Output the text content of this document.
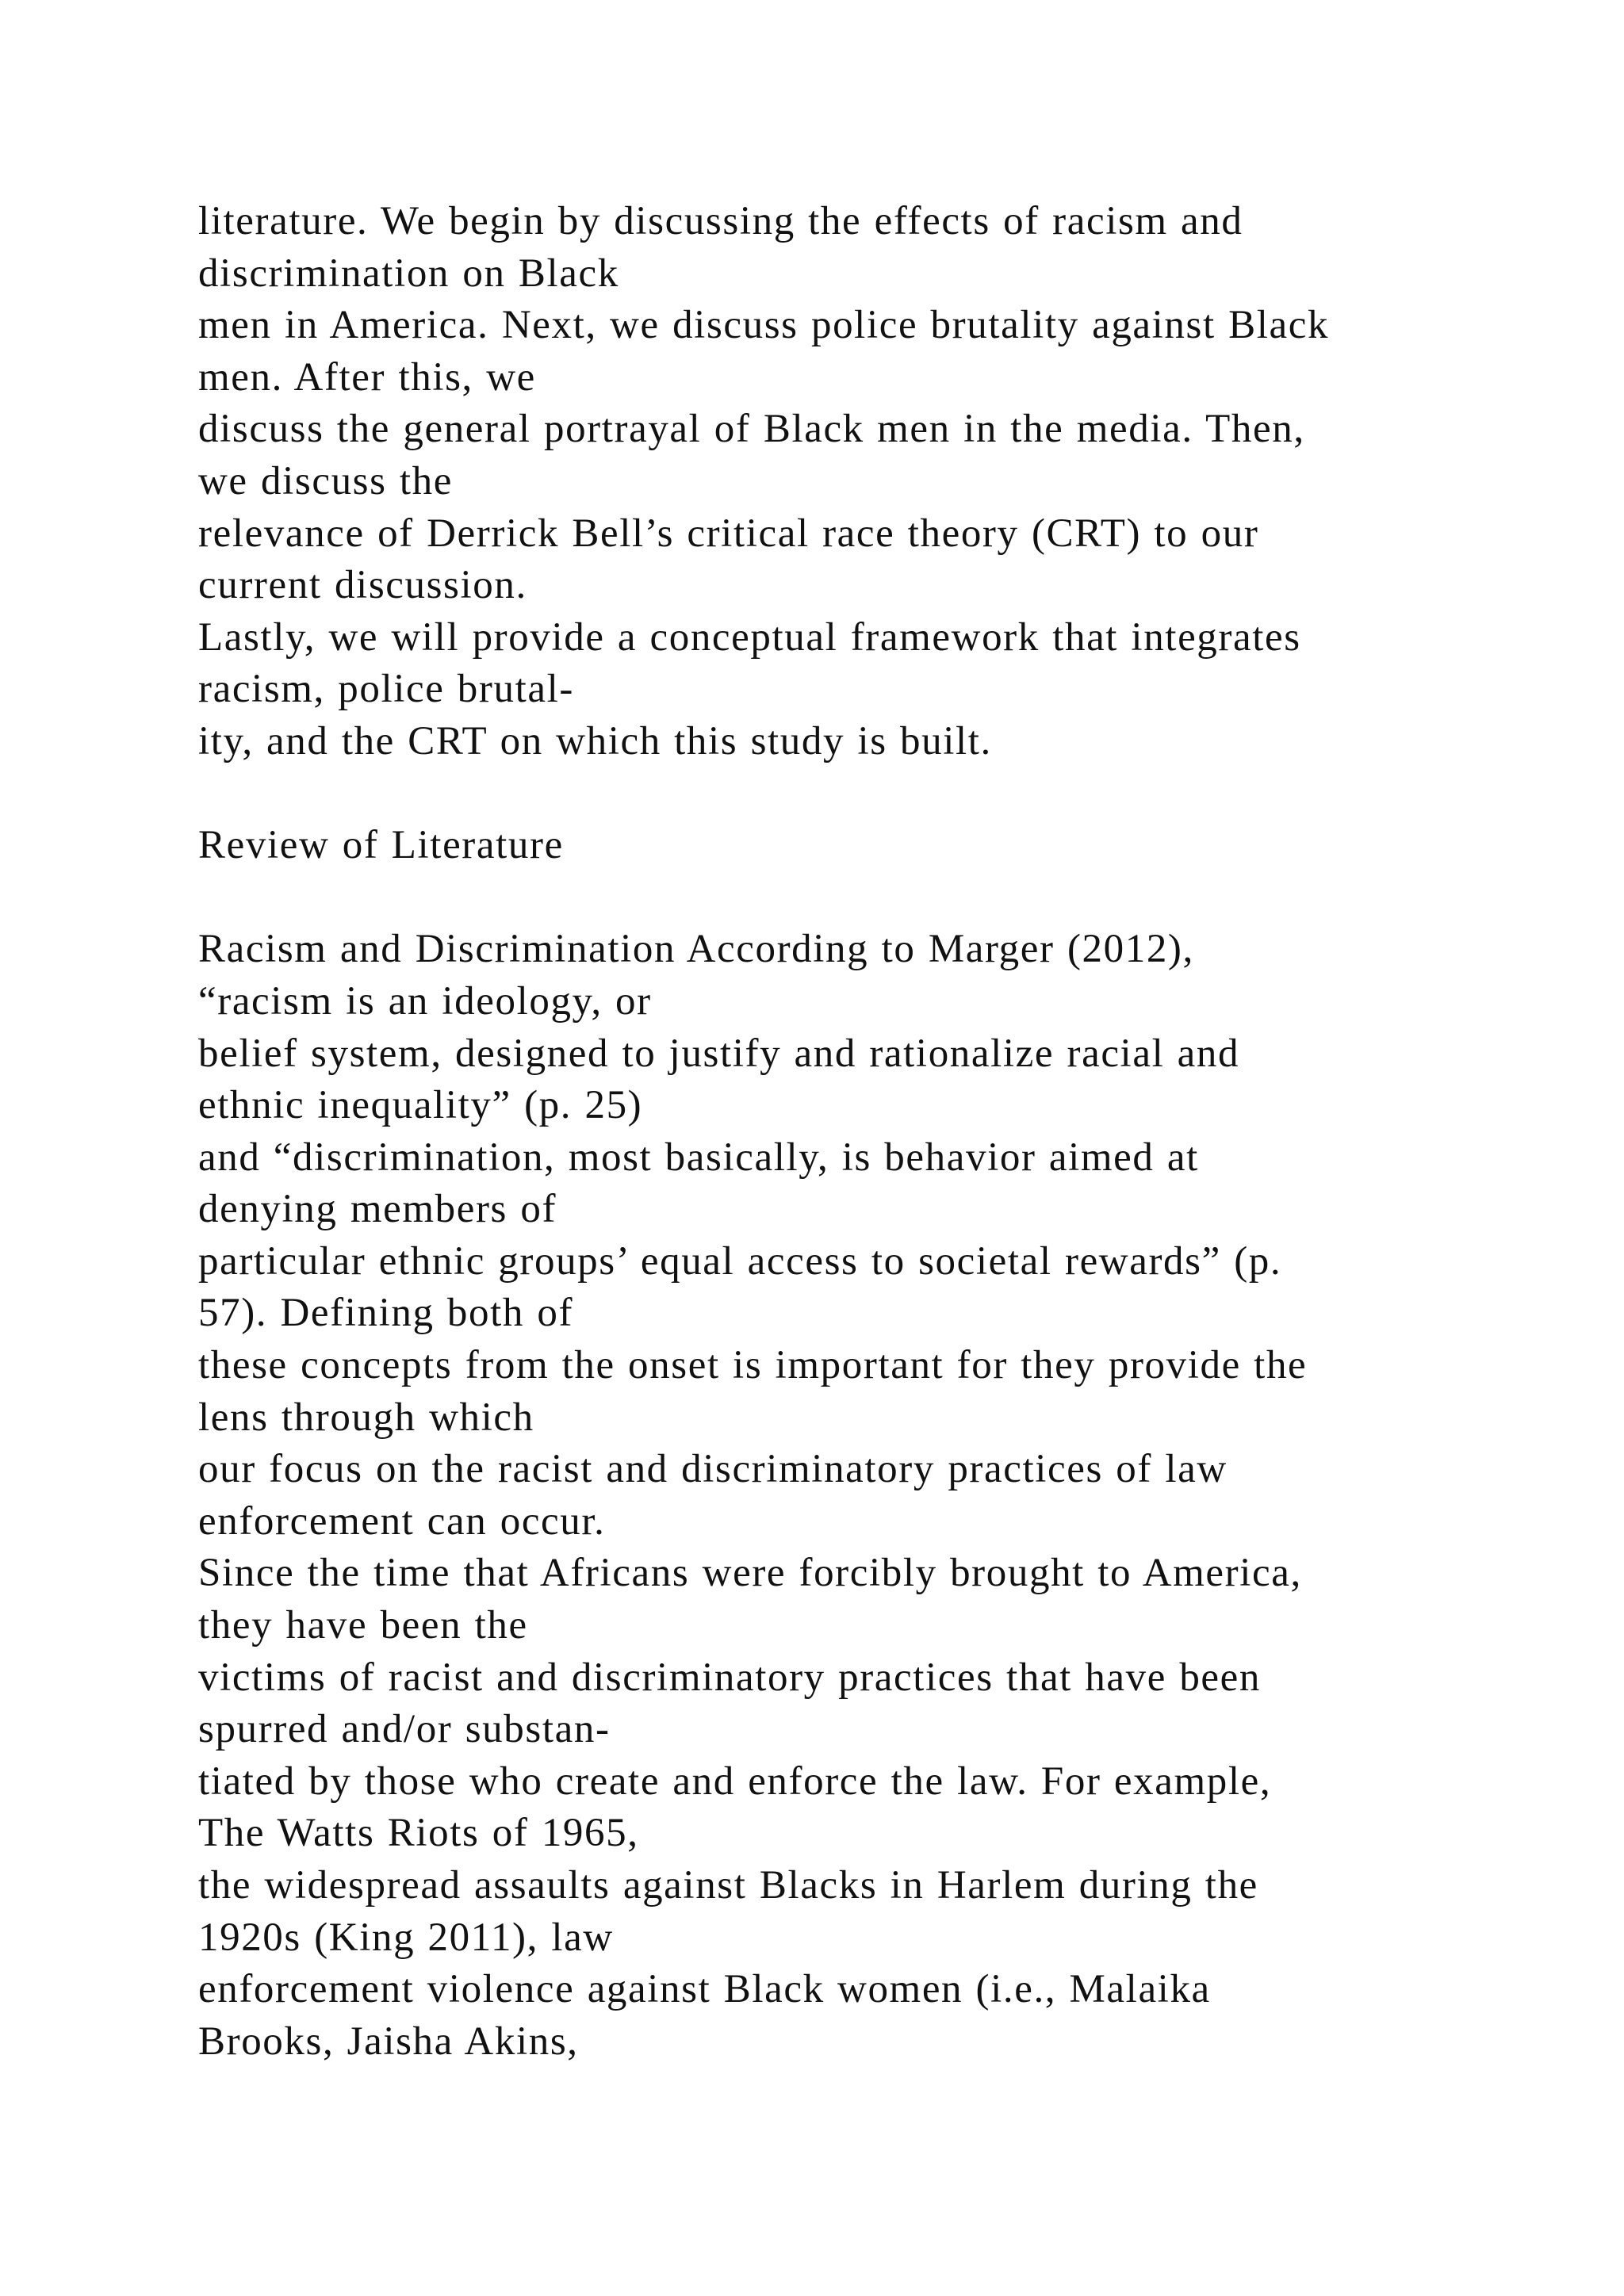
literature. We begin by discussing the effects of racism and
discrimination on Black
men in America. Next, we discuss police brutality against Black
men. After this, we
discuss the general portrayal of Black men in the media. Then,
we discuss the
relevance of Derrick Bell’s critical race theory (CRT) to our
current discussion.
Lastly, we will provide a conceptual framework that integrates
racism, police brutal-
ity, and the CRT on which this study is built.
Review of Literature
Racism and Discrimination According to Marger (2012),
“racism is an ideology, or
belief system, designed to justify and rationalize racial and
ethnic inequality” (p. 25)
and “discrimination, most basically, is behavior aimed at
denying members of
particular ethnic groups’ equal access to societal rewards” (p.
57). Defining both of
these concepts from the onset is important for they provide the
lens through which
our focus on the racist and discriminatory practices of law
enforcement can occur.
Since the time that Africans were forcibly brought to America,
they have been the
victims of racist and discriminatory practices that have been
spurred and/or substan-
tiated by those who create and enforce the law. For example,
The Watts Riots of 1965,
the widespread assaults against Blacks in Harlem during the
1920s (King 2011), law
enforcement violence against Black women (i.e., Malaika
Brooks, Jaisha Akins,
